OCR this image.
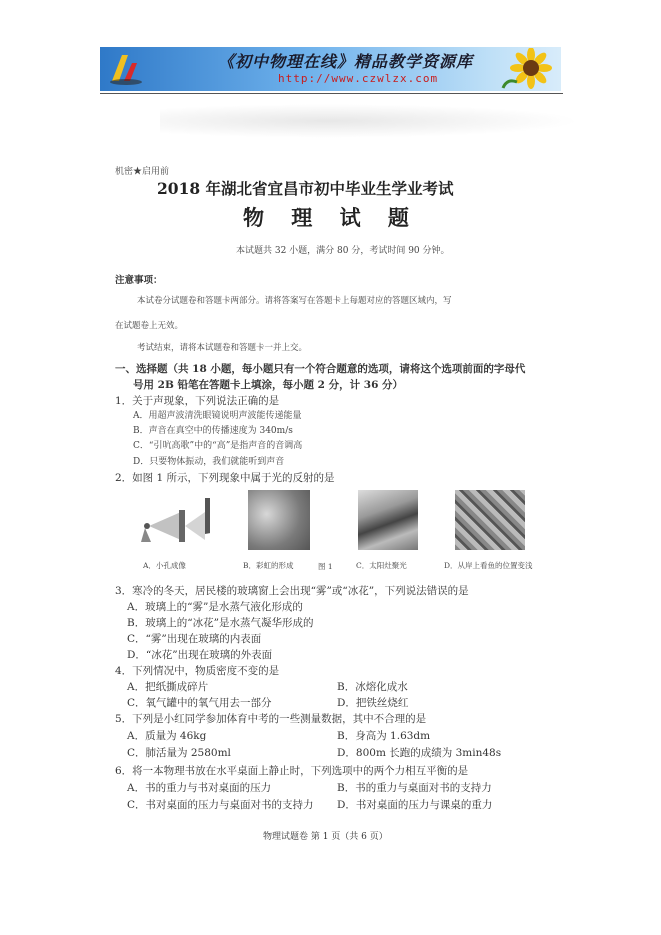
《初中物理在线》精品教学资源库
http://www.czwlzx.com
机密★启用前
2018 年湖北省宜昌市初中毕业生学业考试
物 理 试 题
本试题共 32 小题，满分 80 分，考试时间 90 分钟。
注意事项：
本试卷分试题卷和答题卡两部分。请将答案写在答题卡上每题对应的答题区域内，写
在试题卷上无效。
考试结束，请将本试题卷和答题卡一并上交。
一、选择题（共 18 小题，每小题只有一个符合题意的选项，请将这个选项前面的字母代
号用 2B 铅笔在答题卡上填涂，每小题 2 分，计 36 分）
1．关于声现象，下列说法正确的是
A．用超声波清洗眼镜说明声波能传递能量
B．声音在真空中的传播速度为 340m/s
C．“引吭高歌”中的“高”是指声音的音调高
D．只要物体振动，我们就能听到声音
2．如图 1 所示，下列现象中属于光的反射的是
A．小孔成像	B．彩虹的形成	图 1	C．太阳灶聚光	D．从岸上看鱼的位置变浅
3．寒冷的冬天，居民楼的玻璃窗上会出现“雾”或“冰花”，下列说法错误的是
A．玻璃上的“雾”是水蒸气液化形成的
B．玻璃上的“冰花”是水蒸气凝华形成的
C．“雾”出现在玻璃的内表面
D．“冰花”出现在玻璃的外表面
4．下列情况中，物质密度不变的是
A．把纸撕成碎片	B．冰熔化成水
C．氧气罐中的氧气用去一部分	D．把铁丝烧红
5．下列是小红同学参加体育中考的一些测量数据，其中不合理的是
A．质量为 46kg	B．身高为 1.63dm
C．肺活量为 2580ml	D．800m 长跑的成绩为 3min48s
6．将一本物理书放在水平桌面上静止时，下列选项中的两个力相互平衡的是
A．书的重力与书对桌面的压力	B．书的重力与桌面对书的支持力
C．书对桌面的压力与桌面对书的支持力 D．书对桌面的压力与课桌的重力
物理试题卷 第 1 页（共 6 页）
